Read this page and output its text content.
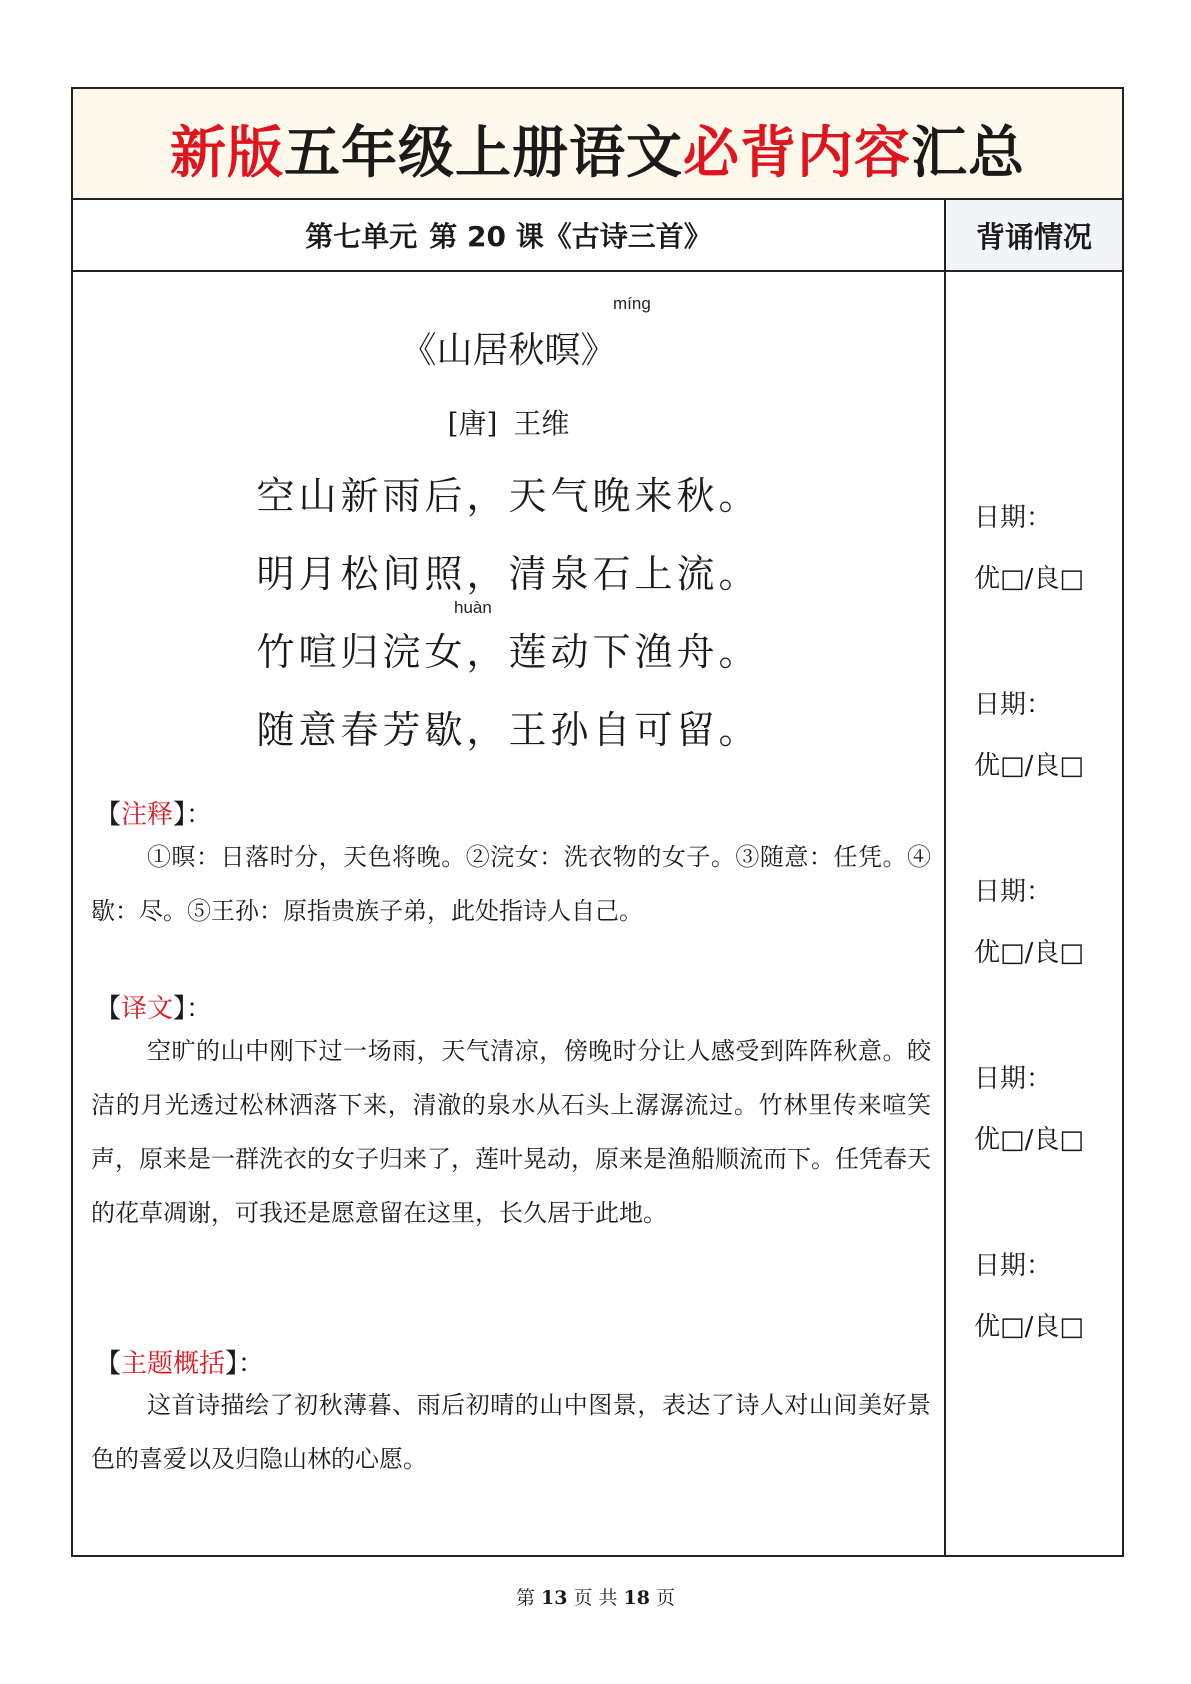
新版五年级上册语文必背内容汇总
第七单元 第 20 课《古诗三首》	背诵情况
míng
《山居秋暝》
[唐] 王维
空山新雨后，天气晚来秋。
明月松间照，清泉石上流。
huàn
竹喧归浣女，莲动下渔舟。
随意春芳歇，王孙自可留。
【注释】：
①暝：日落时分，天色将晚。②浣女：洗衣物的女子。③随意：任凭。④歇：尽。⑤王孙：原指贵族子弟，此处指诗人自己。
【译文】：
空旷的山中刚下过一场雨，天气清凉，傍晚时分让人感受到阵阵秋意。皎洁的月光透过松林洒落下来，清澈的泉水从石头上潺潺流过。竹林里传来喧笑声，原来是一群洗衣的女子归来了，莲叶晃动，原来是渔船顺流而下。任凭春天的花草凋谢，可我还是愿意留在这里，长久居于此地。
【主题概括】：
这首诗描绘了初秋薄暮、雨后初晴的山中图景，表达了诗人对山间美好景色的喜爱以及归隐山林的心愿。
日期：
优□/良□
日期：
优□/良□
日期：
优□/良□
日期：
优□/良□
日期：
优□/良□
第 13 页 共 18 页
